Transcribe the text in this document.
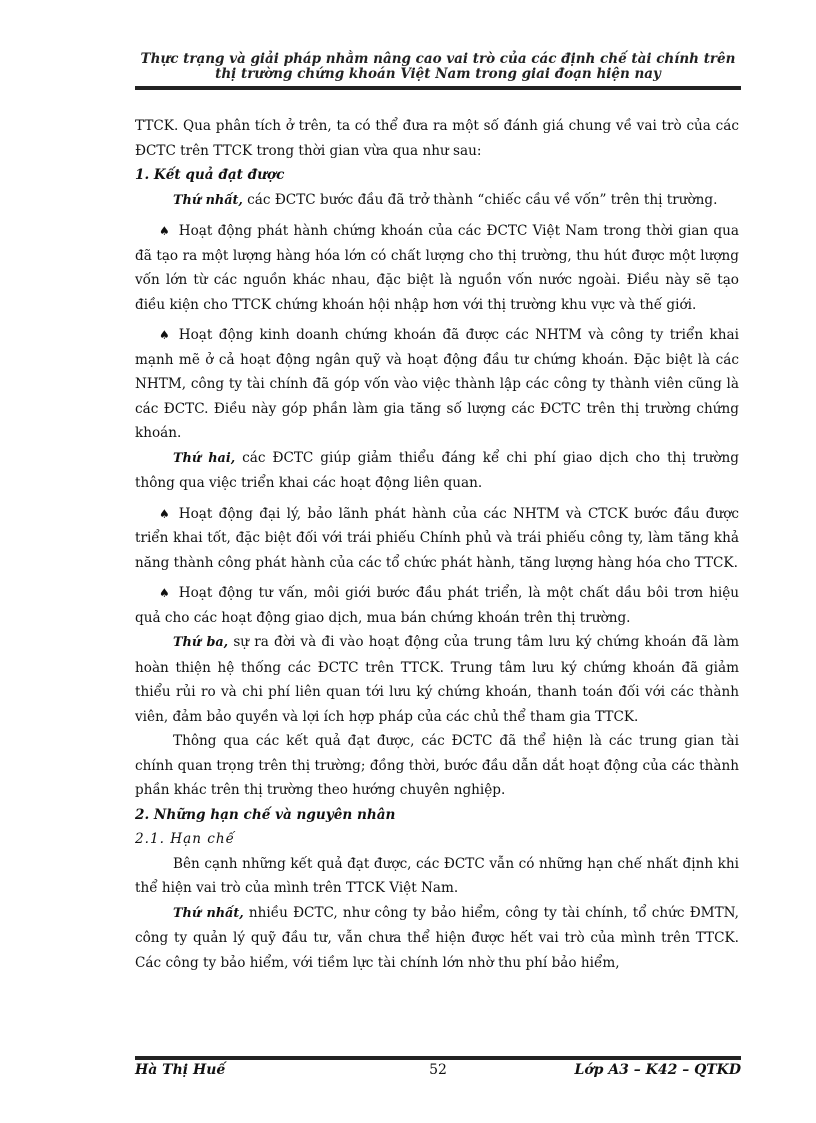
Thực trạng và giải pháp nhằm nâng cao vai trò của các định chế tài chính trên
thị trường chứng khoán Việt Nam trong giai đoạn hiện nay

TTCK. Qua phân tích ở trên, ta có thể đưa ra một số đánh giá chung về vai trò của các ĐCTC trên TTCK trong thời gian vừa qua như sau:

1. Kết quả đạt được

Thứ nhất, các ĐCTC bước đầu đã trở thành “chiếc cầu về vốn” trên thị trường.

♠ Hoạt động phát hành chứng khoán của các ĐCTC Việt Nam trong thời gian qua đã tạo ra một lượng hàng hóa lớn có chất lượng cho thị trường, thu hút được một lượng vốn lớn từ các nguồn khác nhau, đặc biệt là nguồn vốn nước ngoài. Điều này sẽ tạo điều kiện cho TTCK chứng khoán hội nhập hơn với thị trường khu vực và thế giới.

♠ Hoạt động kinh doanh chứng khoán đã được các NHTM và công ty triển khai mạnh mẽ ở cả hoạt động ngân quỹ và hoạt động đầu tư chứng khoán. Đặc biệt là các NHTM, công ty tài chính đã góp vốn vào việc thành lập các công ty thành viên cũng là các ĐCTC. Điều này góp phần làm gia tăng số lượng các ĐCTC trên thị trường chứng khoán.

Thứ hai, các ĐCTC giúp giảm thiểu đáng kể chi phí giao dịch cho thị trường thông qua việc triển khai các hoạt động liên quan.

♠ Hoạt động đại lý, bảo lãnh phát hành của các NHTM và CTCK bước đầu được triển khai tốt, đặc biệt đối với trái phiếu Chính phủ và trái phiếu công ty, làm tăng khả năng thành công phát hành của các tổ chức phát hành, tăng lượng hàng hóa cho TTCK.

♠ Hoạt động tư vấn, môi giới bước đầu phát triển, là một chất dầu bôi trơn hiệu quả cho các hoạt động giao dịch, mua bán chứng khoán trên thị trường.

Thứ ba, sự ra đời và đi vào hoạt động của trung tâm lưu ký chứng khoán đã làm hoàn thiện hệ thống các ĐCTC trên TTCK. Trung tâm lưu ký chứng khoán đã giảm thiểu rủi ro và chi phí liên quan tới lưu ký chứng khoán, thanh toán đối với các thành viên, đảm bảo quyền và lợi ích hợp pháp của các chủ thể tham gia TTCK.

Thông qua các kết quả đạt được, các ĐCTC đã thể hiện là các trung gian tài chính quan trọng trên thị trường; đồng thời, bước đầu dẫn dắt hoạt động của các thành phần khác trên thị trường theo hướng chuyên nghiệp.

2. Những hạn chế và nguyên nhân

2.1. Hạn chế

Bên cạnh những kết quả đạt được, các ĐCTC vẫn có những hạn chế nhất định khi thể hiện vai trò của mình trên TTCK Việt Nam.

Thứ nhất, nhiều ĐCTC, như công ty bảo hiểm, công ty tài chính, tổ chức ĐMTN, công ty quản lý quỹ đầu tư, vẫn chưa thể hiện được hết vai trò của mình trên TTCK. Các công ty bảo hiểm, với tiềm lực tài chính lớn nhờ thu phí bảo hiểm,

Hà Thị Huế	52	Lớp A3 – K42 – QTKD
